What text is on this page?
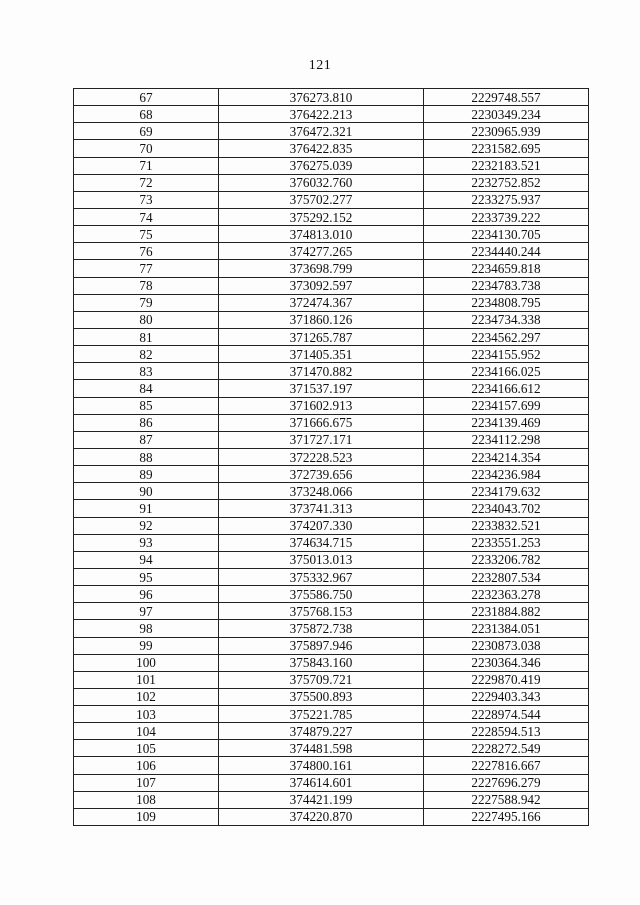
121
67	376273.810	2229748.557
68	376422.213	2230349.234
69	376472.321	2230965.939
70	376422.835	2231582.695
71	376275.039	2232183.521
72	376032.760	2232752.852
73	375702.277	2233275.937
74	375292.152	2233739.222
75	374813.010	2234130.705
76	374277.265	2234440.244
77	373698.799	2234659.818
78	373092.597	2234783.738
79	372474.367	2234808.795
80	371860.126	2234734.338
81	371265.787	2234562.297
82	371405.351	2234155.952
83	371470.882	2234166.025
84	371537.197	2234166.612
85	371602.913	2234157.699
86	371666.675	2234139.469
87	371727.171	2234112.298
88	372228.523	2234214.354
89	372739.656	2234236.984
90	373248.066	2234179.632
91	373741.313	2234043.702
92	374207.330	2233832.521
93	374634.715	2233551.253
94	375013.013	2233206.782
95	375332.967	2232807.534
96	375586.750	2232363.278
97	375768.153	2231884.882
98	375872.738	2231384.051
99	375897.946	2230873.038
100	375843.160	2230364.346
101	375709.721	2229870.419
102	375500.893	2229403.343
103	375221.785	2228974.544
104	374879.227	2228594.513
105	374481.598	2228272.549
106	374800.161	2227816.667
107	374614.601	2227696.279
108	374421.199	2227588.942
109	374220.870	2227495.166
